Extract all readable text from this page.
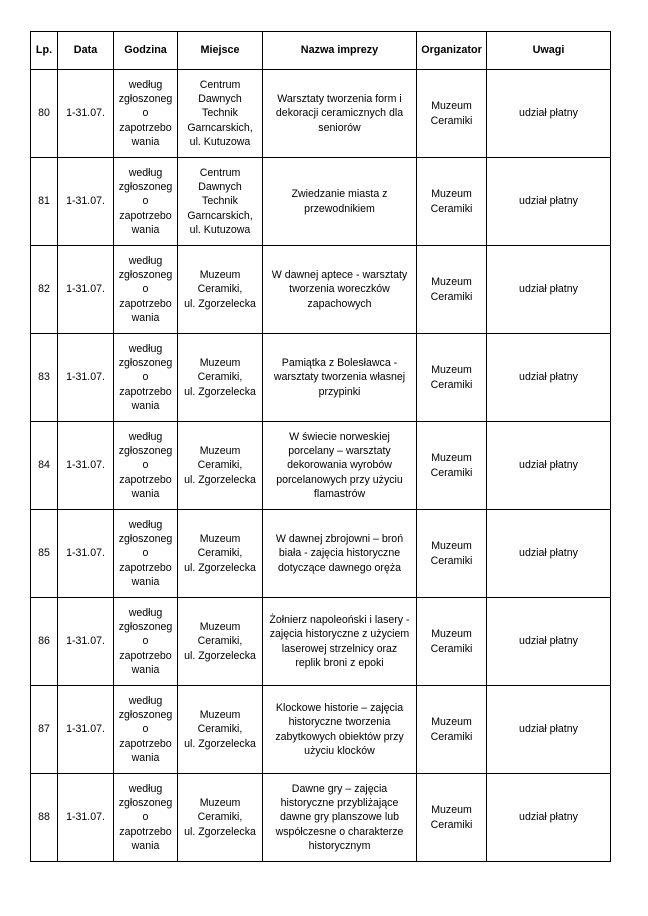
Lp.	Data	Godzina	Miejsce	Nazwa imprezy	Organizator	Uwagi

80	1-31.07.	według
zgłoszoneg
o
zapotrzebo
wania	Centrum
Dawnych
Technik
Garncarskich,
ul. Kutuzowa	Warsztaty tworzenia form i
dekoracji ceramicznych dla
seniorów	Muzeum
Ceramiki	udział płatny

81	1-31.07.	według
zgłoszoneg
o
zapotrzebo
wania	Centrum
Dawnych
Technik
Garncarskich,
ul. Kutuzowa	Zwiedzanie miasta z
przewodnikiem	Muzeum
Ceramiki	udział płatny

82	1-31.07.	według
zgłoszoneg
o
zapotrzebo
wania	Muzeum
Ceramiki,
ul. Zgorzelecka	W dawnej aptece - warsztaty
tworzenia woreczków
zapachowych	Muzeum
Ceramiki	udział płatny

83	1-31.07.	według
zgłoszoneg
o
zapotrzebo
wania	Muzeum
Ceramiki,
ul. Zgorzelecka	Pamiątka z Bolesławca -
warsztaty tworzenia własnej
przypinki	Muzeum
Ceramiki	udział płatny

84	1-31.07.	według
zgłoszoneg
o
zapotrzebo
wania	Muzeum
Ceramiki,
ul. Zgorzelecka	W świecie norweskiej
porcelany – warsztaty
dekorowania wyrobów
porcelanowych przy użyciu
flamastrów	Muzeum
Ceramiki	udział płatny

85	1-31.07.	według
zgłoszoneg
o
zapotrzebo
wania	Muzeum
Ceramiki,
ul. Zgorzelecka	W dawnej zbrojowni – broń
biała - zajęcia historyczne
dotyczące dawnego oręża	Muzeum
Ceramiki	udział płatny

86	1-31.07.	według
zgłoszoneg
o
zapotrzebo
wania	Muzeum
Ceramiki,
ul. Zgorzelecka	Żołnierz napoleoński i lasery -
zajęcia historyczne z użyciem
laserowej strzelnicy oraz
replik broni z epoki	Muzeum
Ceramiki	udział płatny

87	1-31.07.	według
zgłoszoneg
o
zapotrzebo
wania	Muzeum
Ceramiki,
ul. Zgorzelecka	Klockowe historie – zajęcia
historyczne tworzenia
zabytkowych obiektów przy
użyciu klocków	Muzeum
Ceramiki	udział płatny

88	1-31.07.	według
zgłoszoneg
o
zapotrzebo
wania	Muzeum
Ceramiki,
ul. Zgorzelecka	Dawne gry – zajęcia
historyczne przybliżające
dawne gry planszowe lub
współczesne o charakterze
historycznym	Muzeum
Ceramiki	udział płatny
